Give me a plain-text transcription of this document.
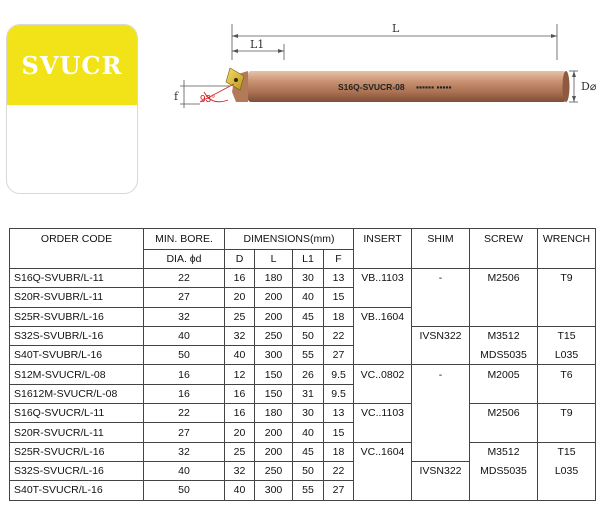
SVUCR
L
L1
S16Q-SVUCR-08 ▪▪▪▪▪▪ ▪▪▪▪▪
93°
f
D⌀
ORDER CODE	MIN. BORE.	DIMENSIONS(mm)				INSERT	SHIM	SCREW	WRENCH
	DIA. ϕd	D	L	L1	F				
S16Q-SVUBR/L-11	22	16	180	30	13	VB..1103	-	M2506	T9
S20R-SVUBR/L-11	27	20	200	40	15				
S25R-SVUBR/L-16	32	25	200	45	18	VB..1604			
S32S-SVUBR/L-16	40	32	250	50	22		IVSN322	M3512	T15
S40T-SVUBR/L-16	50	40	300	55	27			MDS5035	L035
S12M-SVUCR/L-08	16	12	150	26	9.5	VC..0802	-	M2005	T6
S1612M-SVUCR/L-08	16	16	150	31	9.5				
S16Q-SVUCR/L-11	22	16	180	30	13	VC..1103		M2506	T9
S20R-SVUCR/L-11	27	20	200	40	15				
S25R-SVUCR/L-16	32	25	200	45	18	VC..1604		M3512	T15
S32S-SVUCR/L-16	40	32	250	50	22		IVSN322	MDS5035	L035
S40T-SVUCR/L-16	50	40	300	55	27				
